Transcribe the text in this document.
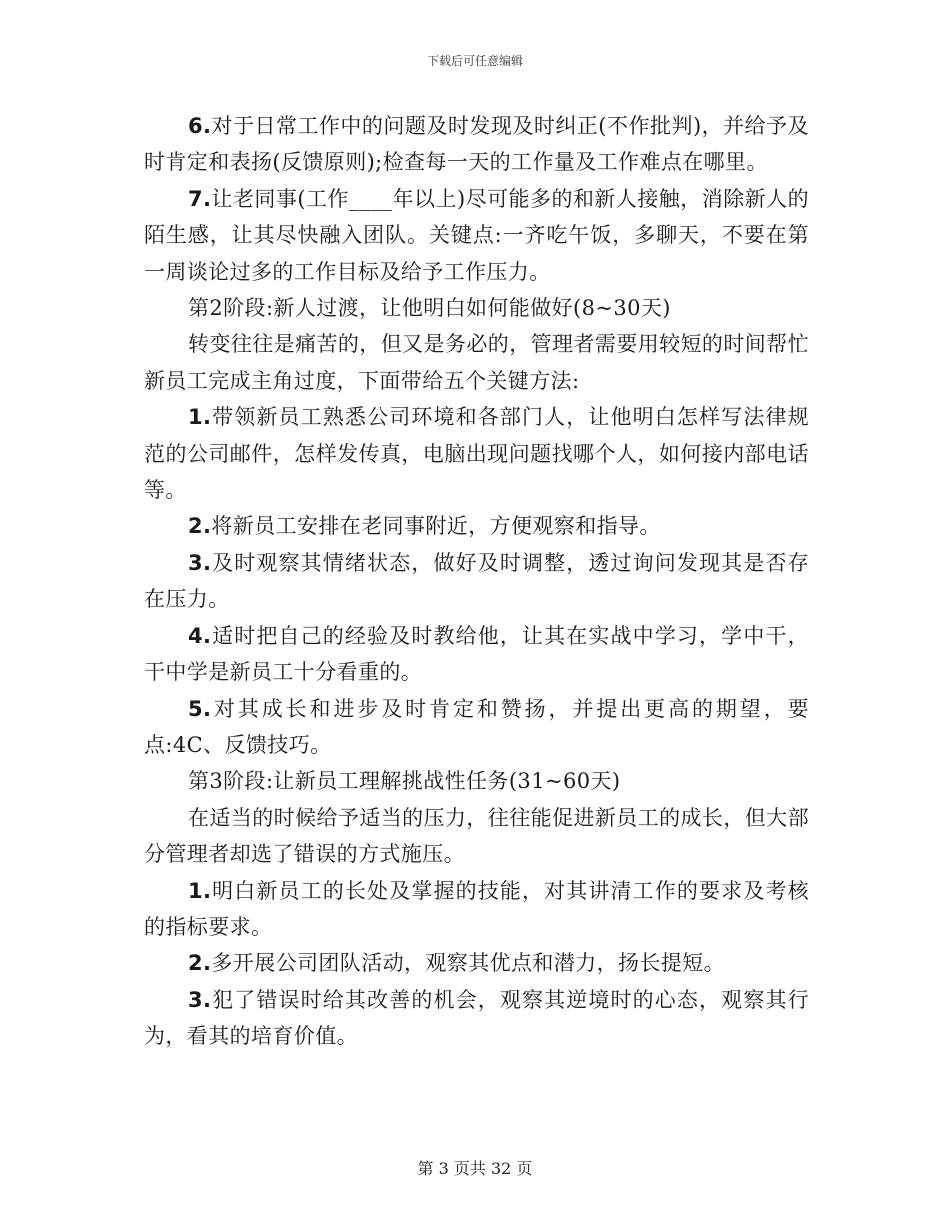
下载后可任意编辑

6.对于日常工作中的问题及时发现及时纠正(不作批判)，并给予及时肯定和表扬(反馈原则);检查每一天的工作量及工作难点在哪里。

7.让老同事(工作____年以上)尽可能多的和新人接触，消除新人的陌生感，让其尽快融入团队。关键点:一齐吃午饭，多聊天，不要在第一周谈论过多的工作目标及给予工作压力。

第2阶段:新人过渡，让他明白如何能做好(8~30天)

转变往往是痛苦的，但又是务必的，管理者需要用较短的时间帮忙新员工完成主角过度，下面带给五个关键方法:

1.带领新员工熟悉公司环境和各部门人，让他明白怎样写法律规范的公司邮件，怎样发传真，电脑出现问题找哪个人，如何接内部电话等。

2.将新员工安排在老同事附近，方便观察和指导。

3.及时观察其情绪状态，做好及时调整，透过询问发现其是否存在压力。

4.适时把自己的经验及时教给他，让其在实战中学习，学中干，干中学是新员工十分看重的。

5.对其成长和进步及时肯定和赞扬，并提出更高的期望，要点:4C、反馈技巧。

第3阶段:让新员工理解挑战性任务(31~60天)

在适当的时候给予适当的压力，往往能促进新员工的成长，但大部分管理者却选了错误的方式施压。

1.明白新员工的长处及掌握的技能，对其讲清工作的要求及考核的指标要求。

2.多开展公司团队活动，观察其优点和潜力，扬长提短。

3.犯了错误时给其改善的机会，观察其逆境时的心态，观察其行为，看其的培育价值。

第 3 页共 32 页
